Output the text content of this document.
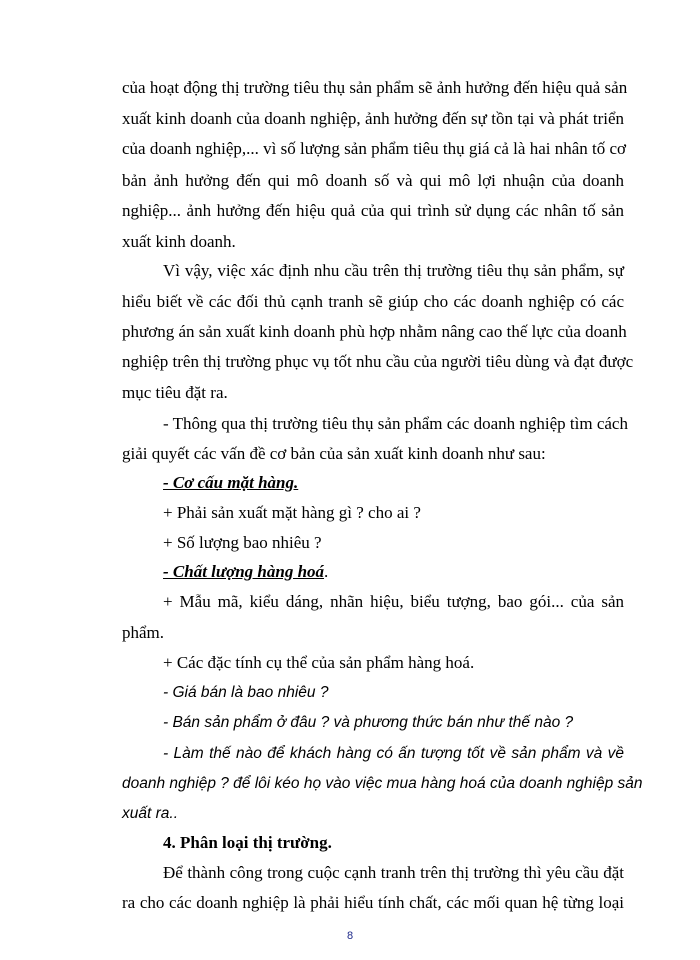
của hoạt động thị trường tiêu thụ sản phẩm sẽ ảnh hưởng đến hiệu quả sản
xuất kinh doanh của doanh nghiệp, ảnh hưởng đến sự tồn tại và phát triển
của doanh nghiệp,... vì số lượng sản phẩm tiêu thụ giá cả là hai nhân tố cơ
bản ảnh hưởng đến qui mô doanh số và qui mô lợi nhuận của doanh
nghiệp... ảnh hưởng đến hiệu quả của qui trình sử dụng các nhân tố sản
xuất kinh doanh.
Vì vậy, việc xác định nhu cầu trên thị trường tiêu thụ sản phẩm, sự
hiểu biết về các đối thủ cạnh tranh sẽ giúp cho các doanh nghiệp có các
phương án sản xuất kinh doanh phù hợp nhằm nâng cao thế lực của doanh
nghiệp trên thị trường phục vụ tốt nhu cầu của người tiêu dùng và đạt được
mục tiêu đặt ra.
- Thông qua thị trường tiêu thụ sản phẩm các doanh nghiệp tìm cách
giải quyết các vấn đề cơ bản của sản xuất kinh doanh như sau:
- Cơ cấu mặt hàng.
+ Phải sản xuất mặt hàng gì ? cho ai ?
+ Số lượng bao nhiêu ?
- Chất lượng hàng hoá.
+ Mẫu mã, kiểu dáng, nhãn hiệu, biểu tượng, bao gói... của sản
phẩm.
+ Các đặc tính cụ thể của sản phẩm hàng hoá.
- Giá bán là bao nhiêu ?
- Bán sản phẩm ở đâu ? và phương thức bán như thế nào ?
- Làm thế nào để khách hàng có ấn tượng tốt về sản phẩm và về
doanh nghiệp ? để lôi kéo họ vào việc mua hàng hoá của doanh nghiệp sản
xuất ra..
4. Phân loại thị trường.
Để thành công trong cuộc cạnh tranh trên thị trường thì yêu cầu đặt
ra cho các doanh nghiệp là phải hiểu tính chất, các mối quan hệ từng loại
8
